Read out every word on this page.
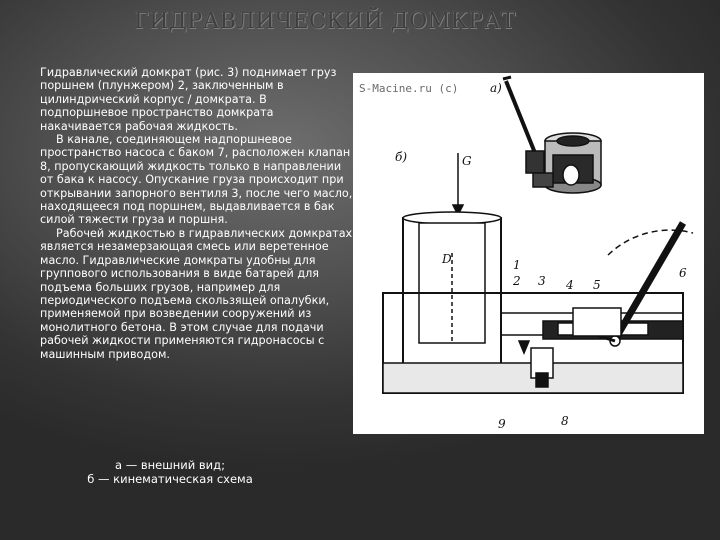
ГИДРАВЛИЧЕСКИЙ ДОМКРАТ

Гидравлический домкрат (рис. 3) поднимает груз поршнем (плунжером) 2, заключенным в цилиндрический корпус / домкрата. В подпоршневое пространство домкрата накачивается рабочая жидкость.

В канале, соединяющем надпоршневое пространство насоса с баком 7, расположен клапан 8, пропускающий жидкость только в направлении от бака к насосу. Опускание груза происходит при открывании запорного вентиля 3, после чего масло, находящееся под поршнем, выдавливается в бак силой тяжести груза и поршня.

Рабочей жидкостью в гидравлических домкратах является незамерзающая смесь или веретенное масло. Гидравлические домкраты удобны для группового использования в виде батарей для подъема больших грузов, например для периодического подъема скользящей опалубки, применяемой при возведении сооружений из монолитного бетона. В этом случае для подачи рабочей жидкости применяются гидронасосы с машинным приводом.

а — внешний вид;
б — кинематическая схема
S-Macine.ru (c)	а)
б)
D
G
1
2 3 4 5
6
8
9
